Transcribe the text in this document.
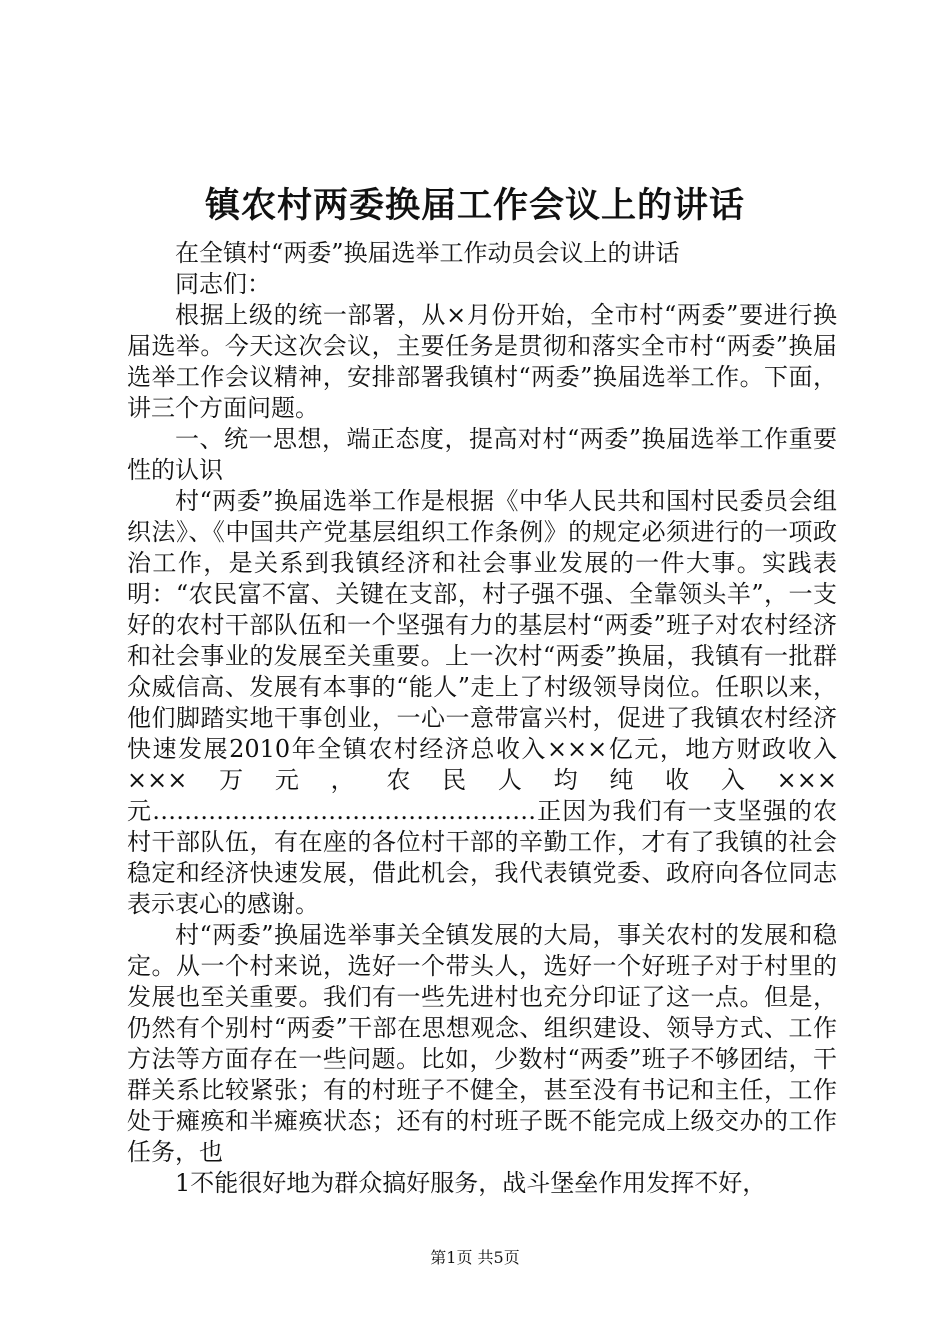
镇农村两委换届工作会议上的讲话

在全镇村“两委”换届选举工作动员会议上的讲话

同志们：

根据上级的统一部署，从×月份开始，全市村“两委”要进行换届选举。今天这次会议，主要任务是贯彻和落实全市村“两委”换届选举工作会议精神，安排部署我镇村“两委”换届选举工作。下面，讲三个方面问题。

一、统一思想，端正态度，提高对村“两委”换届选举工作重要性的认识

村“两委”换届选举工作是根据《中华人民共和国村民委员会组织法》、《中国共产党基层组织工作条例》的规定必须进行的一项政治工作，是关系到我镇经济和社会事业发展的一件大事。实践表明：“农民富不富、关键在支部，村子强不强、全靠领头羊”，一支好的农村干部队伍和一个坚强有力的基层村“两委”班子对农村经济和社会事业的发展至关重要。上一次村“两委”换届，我镇有一批群众威信高、发展有本事的“能人”走上了村级领导岗位。任职以来，他们脚踏实地干事创业，一心一意带富兴村，促进了我镇农村经济快速发展2010年全镇农村经济总收入×××亿元，地方财政收入×××万元，农民人均纯收入×××元…………………………………………正因为我们有一支坚强的农村干部队伍，有在座的各位村干部的辛勤工作，才有了我镇的社会稳定和经济快速发展，借此机会，我代表镇党委、政府向各位同志表示衷心的感谢。

村“两委”换届选举事关全镇发展的大局，事关农村的发展和稳定。从一个村来说，选好一个带头人，选好一个好班子对于村里的发展也至关重要。我们有一些先进村也充分印证了这一点。但是，仍然有个别村“两委”干部在思想观念、组织建设、领导方式、工作方法等方面存在一些问题。比如，少数村“两委”班子不够团结，干群关系比较紧张；有的村班子不健全，甚至没有书记和主任，工作处于瘫痪和半瘫痪状态；还有的村班子既不能完成上级交办的工作任务，也

1不能很好地为群众搞好服务，战斗堡垒作用发挥不好，

第1页 共5页
